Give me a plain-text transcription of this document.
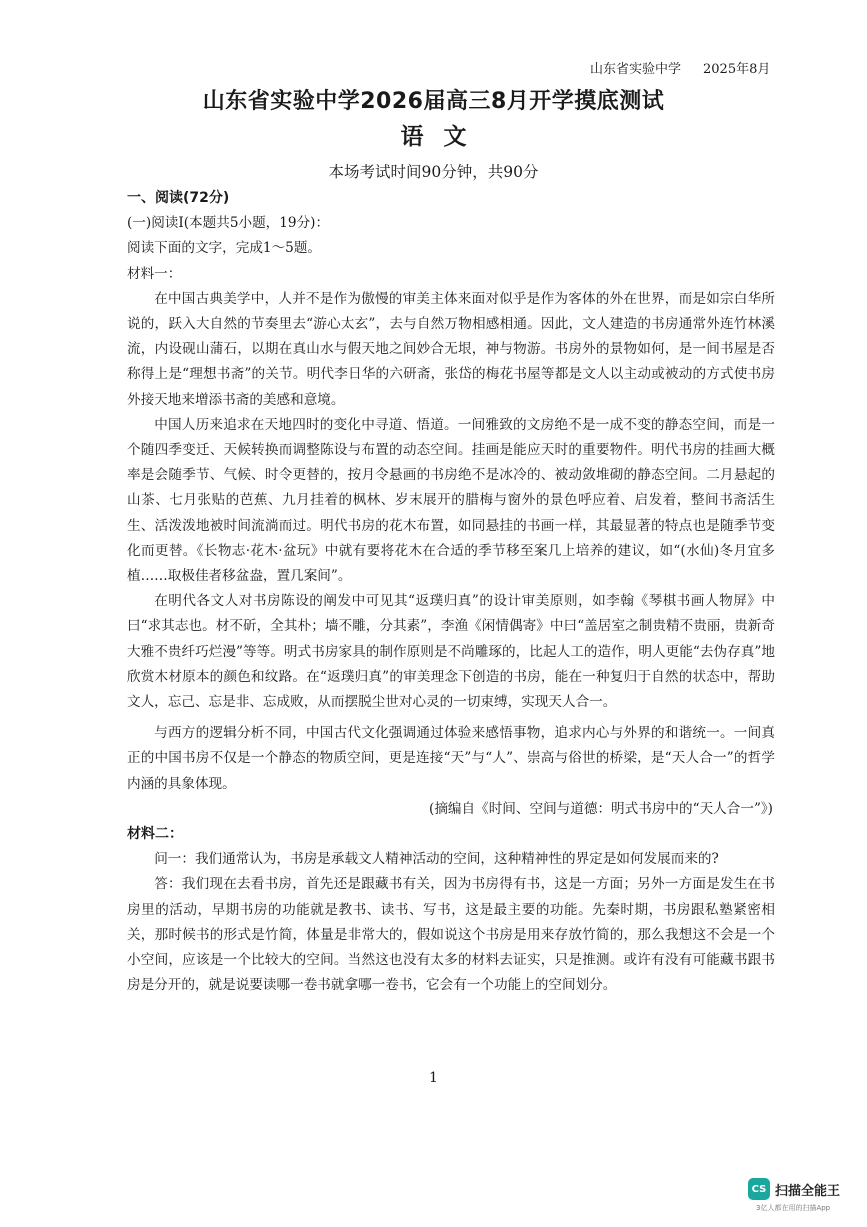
山东省实验中学 2025年8月
山东省实验中学2026届高三8月开学摸底测试
语文
本场考试时间90分钟，共90分

一、阅读(72分)

(一)阅读Ⅰ(本题共5小题，19分)：

阅读下面的文字，完成1～5题。

材料一：

在中国古典美学中，人并不是作为傲慢的审美主体来面对似乎是作为客体的外在世界，而是如宗白华所说的，跃入大自然的节奏里去“游心太玄”，去与自然万物相感相通。因此，文人建造的书房通常外连竹林溪流，内设砚山蒲石，以期在真山水与假天地之间妙合无垠，神与物游。书房外的景物如何，是一间书屋是否称得上是“理想书斋”的关节。明代李日华的六研斋，张岱的梅花书屋等都是文人以主动或被动的方式使书房外接天地来增添书斋的美感和意境。

中国人历来追求在天地四时的变化中寻道、悟道。一间雅致的文房绝不是一成不变的静态空间，而是一个随四季变迁、天候转换而调整陈设与布置的动态空间。挂画是能应天时的重要物件。明代书房的挂画大概率是会随季节、气候、时令更替的，按月令悬画的书房绝不是冰冷的、被动敛堆砌的静态空间。二月悬起的山茶、七月张贴的芭蕉、九月挂着的枫林、岁末展开的腊梅与窗外的景色呼应着、启发着，整间书斋活生生、活泼泼地被时间流淌而过。明代书房的花木布置，如同悬挂的书画一样，其最显著的特点也是随季节变化而更替。《长物志·花木·盆玩》中就有要将花木在合适的季节移至案几上培养的建议，如“(水仙)冬月宜多植……取极佳者移盆盎，置几案间”。

在明代各文人对书房陈设的阐发中可见其“返璞归真”的设计审美原则，如李翰《琴棋书画人物屏》中曰“求其志也。材不斫，全其朴；墙不雕，分其素”，李渔《闲情偶寄》中曰“盖居室之制贵精不贵丽，贵新奇大雅不贵纤巧烂漫”等等。明式书房家具的制作原则是不尚雕琢的，比起人工的造作，明人更能“去伪存真”地欣赏木材原本的颜色和纹路。在“返璞归真”的审美理念下创造的书房，能在一种复归于自然的状态中，帮助文人，忘己、忘是非、忘成败，从而摆脱尘世对心灵的一切束缚，实现天人合一。

与西方的逻辑分析不同，中国古代文化强调通过体验来感悟事物，追求内心与外界的和谐统一。一间真正的中国书房不仅是一个静态的物质空间，更是连接“天”与“人”、崇高与俗世的桥梁，是“天人合一”的哲学内涵的具象体现。

(摘编自《时间、空间与道德：明式书房中的“天人合一”》)

材料二：

问一：我们通常认为，书房是承载文人精神活动的空间，这种精神性的界定是如何发展而来的?

答：我们现在去看书房，首先还是跟藏书有关，因为书房得有书，这是一方面；另外一方面是发生在书房里的活动，早期书房的功能就是教书、读书、写书，这是最主要的功能。先秦时期，书房跟私塾紧密相关，那时候书的形式是竹简，体量是非常大的，假如说这个书房是用来存放竹简的，那么我想这不会是一个小空间，应该是一个比较大的空间。当然这也没有太多的材料去证实，只是推测。或许有没有可能藏书跟书房是分开的，就是说要读哪一卷书就拿哪一卷书，它会有一个功能上的空间划分。

1
CS 扫描全能王
3亿人都在用的扫描App
